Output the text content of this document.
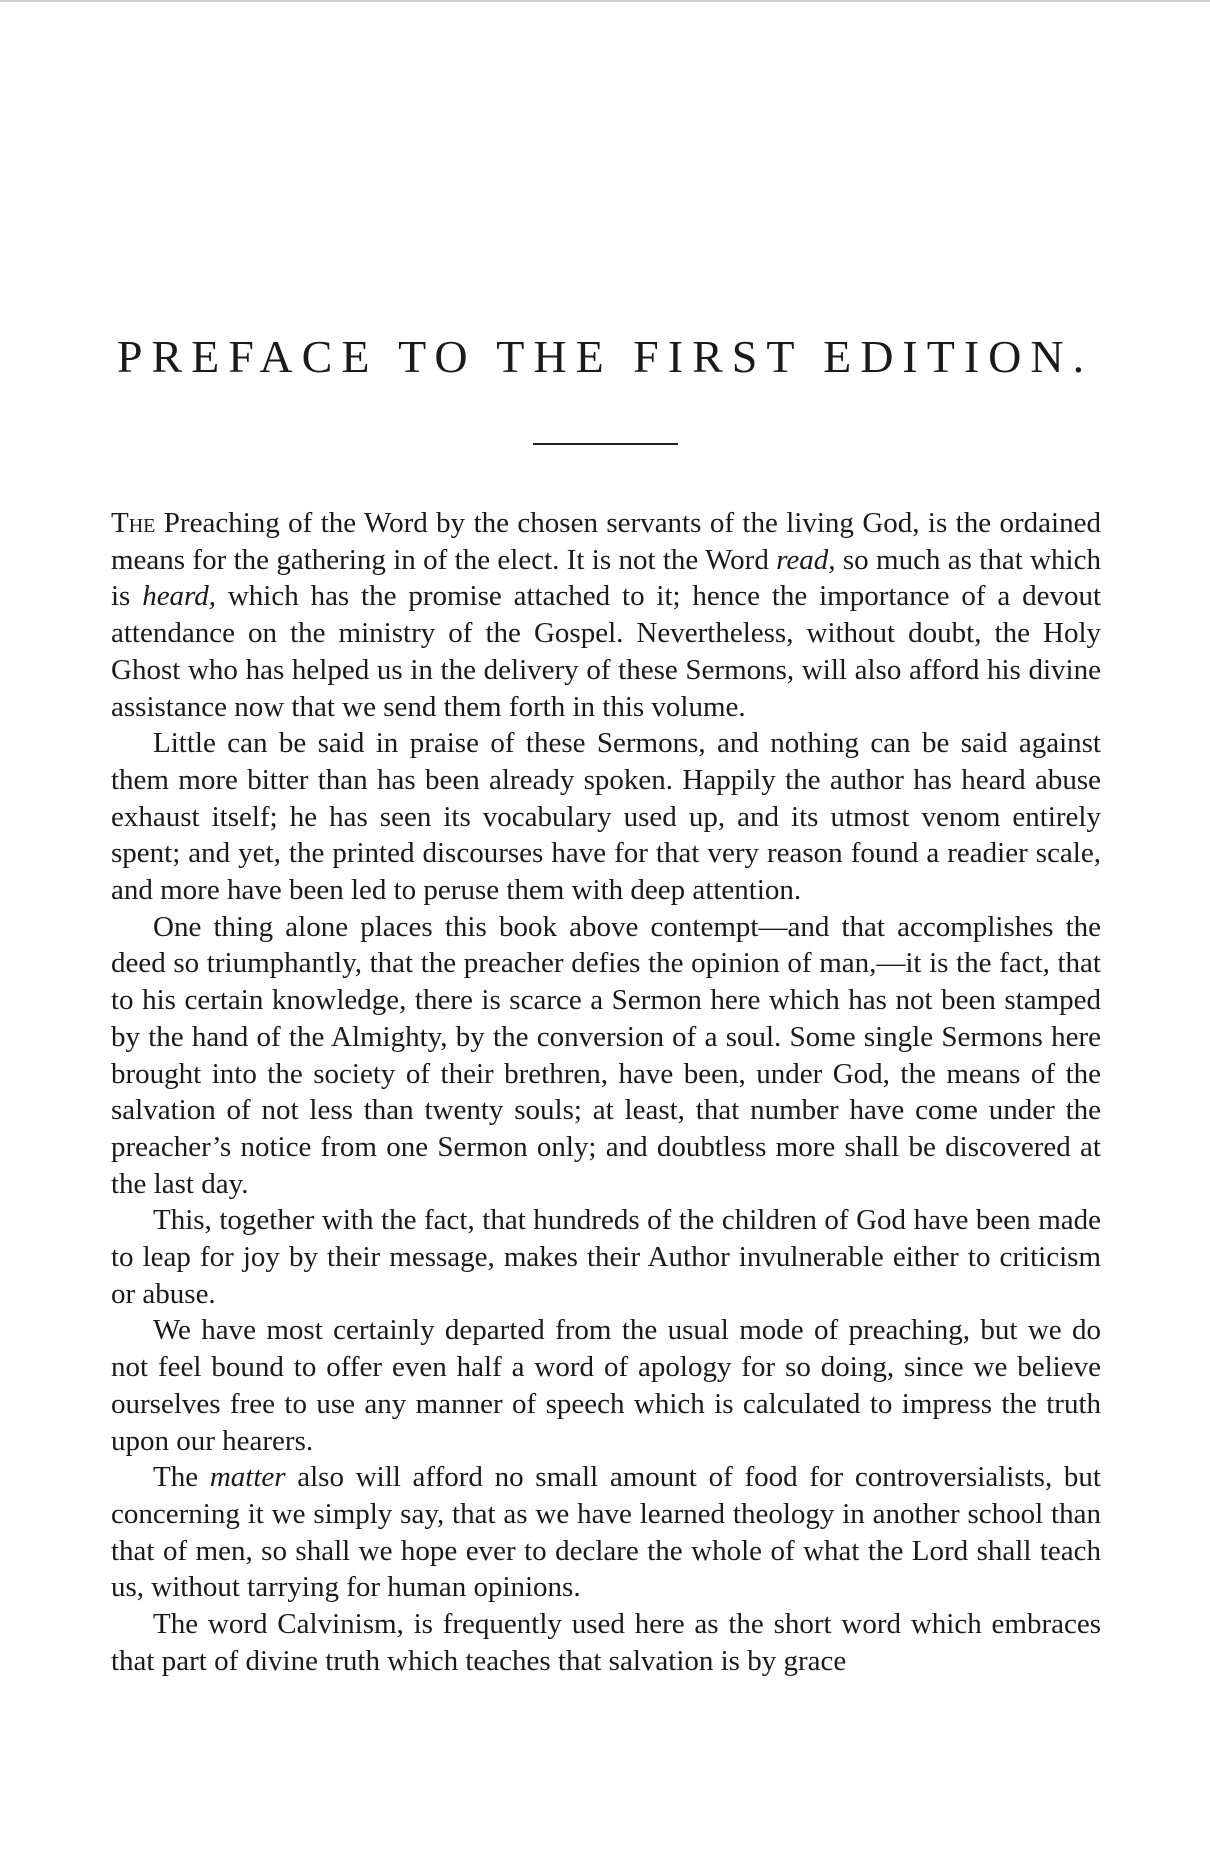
PREFACE TO THE FIRST EDITION.

The Preaching of the Word by the chosen servants of the living God, is the ordained means for the gathering in of the elect. It is not the Word read, so much as that which is heard, which has the promise attached to it; hence the importance of a devout attendance on the ministry of the Gospel. Nevertheless, without doubt, the Holy Ghost who has helped us in the delivery of these Sermons, will also afford his divine assistance now that we send them forth in this volume.

Little can be said in praise of these Sermons, and nothing can be said against them more bitter than has been already spoken. Happily the author has heard abuse exhaust itself; he has seen its vocabulary used up, and its utmost venom entirely spent; and yet, the printed discourses have for that very reason found a readier scale, and more have been led to peruse them with deep attention.

One thing alone places this book above contempt—and that accomplishes the deed so triumphantly, that the preacher defies the opinion of man,—it is the fact, that to his certain knowledge, there is scarce a Sermon here which has not been stamped by the hand of the Almighty, by the conversion of a soul. Some single Sermons here brought into the society of their brethren, have been, under God, the means of the salvation of not less than twenty souls; at least, that number have come under the preacher’s notice from one Sermon only; and doubtless more shall be discovered at the last day.

This, together with the fact, that hundreds of the children of God have been made to leap for joy by their message, makes their Author invulnerable either to criticism or abuse.

We have most certainly departed from the usual mode of preaching, but we do not feel bound to offer even half a word of apology for so doing, since we believe ourselves free to use any manner of speech which is calculated to impress the truth upon our hearers.

The matter also will afford no small amount of food for controversialists, but concerning it we simply say, that as we have learned theology in another school than that of men, so shall we hope ever to declare the whole of what the Lord shall teach us, without tarrying for human opinions.

The word Calvinism, is frequently used here as the short word which embraces that part of divine truth which teaches that salvation is by grace
